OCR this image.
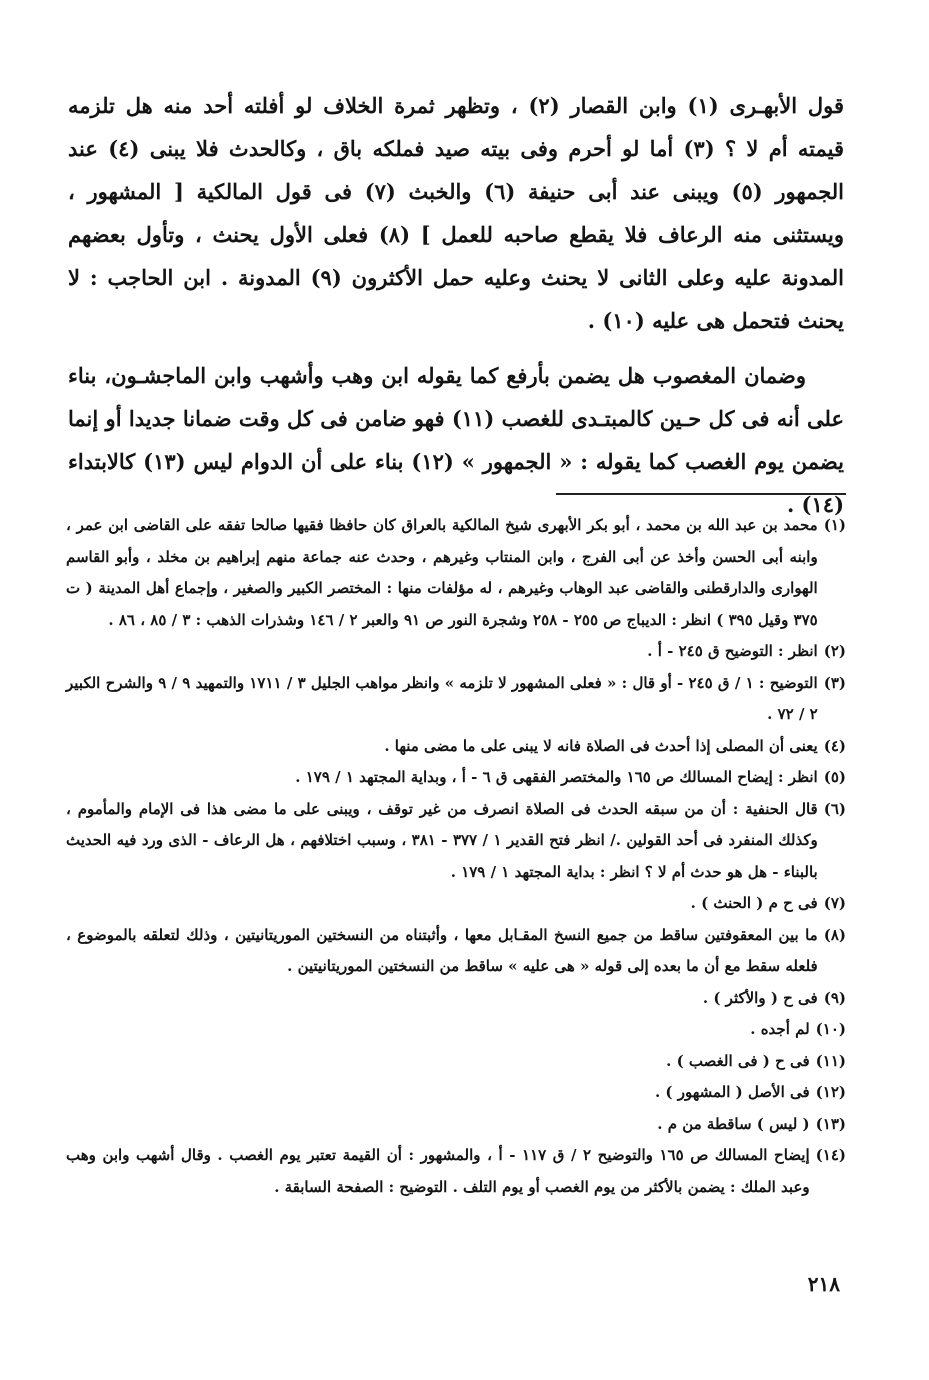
قول الأبهـرى (١) وابن القصار (٢) ، وتظهر ثمرة الخلاف لو أفلته أحد منه هل تلزمه قيمته أم لا ؟ (٣) أما لو أحرم وفى بيته صيد فملكه باق ، وكالحدث فلا يبنى (٤) عند الجمهور (٥) ويبنى عند أبى حنيفة (٦) والخبث (٧) فى قول المالكية [ المشهور ، ويستثنى منه الرعاف فلا يقطع صاحبه للعمل ] (٨) فعلى الأول يحنث ، وتأول بعضهم المدونة عليه وعلى الثانى لا يحنث وعليه حمل الأكثرون (٩) المدونة . ابن الحاجب : لا يحنث فتحمل هى عليه (١٠) .

وضمان المغصوب هل يضمن بأرفع كما يقوله ابن وهب وأشهب وابن الماجشـون، بناء على أنه فى كل حـين كالمبتـدى للغصب (١١) فهو ضامن فى كل وقت ضمانا جديدا أو إنما يضمن يوم الغصب كما يقوله : « الجمهور » (١٢) بناء على أن الدوام ليس (١٣) كالابتداء (١٤) .

(١)
محمد بن عبد الله بن محمد ، أبو بكر الأبهرى شيخ المالكية بالعراق كان حافظا فقيها صالحا تفقه على القاضى ابن عمر ، وابنه أبى الحسن وأخذ عن أبى الفرج ، وابن المنتاب وغيرهم ، وحدث عنه جماعة منهم إبراهيم بن مخلد ، وأبو القاسم الهوارى والدارقطنى والقاضى عبد الوهاب وغيرهم ، له مؤلفات منها : المختصر الكبير والصغير ، وإجماع أهل المدينة ( ت ٣٧٥ وقيل ٣٩٥ ) انظر : الديباج ص ٢٥٥ - ٢٥٨ وشجرة النور ص ٩١ والعبر ٢ / ١٤٦ وشذرات الذهب : ٣ / ٨٥ ، ٨٦ .
(٢)
انظر : التوضيح ق ٢٤٥ - أ .
(٣)
التوضيح : ١ / ق ٢٤٥ - أو قال : « فعلى المشهور لا تلزمه » وانظر مواهب الجليل ٣ / ١٧١١ والتمهيد ٩ / ٩ والشرح الكبير ٢ / ٧٢ .
(٤)
يعنى أن المصلى إذا أحدث فى الصلاة فانه لا يبنى على ما مضى منها .
(٥)
انظر : إيضاح المسالك ص ١٦٥ والمختصر الفقهى ق ٦ - أ ، وبداية المجتهد ١ / ١٧٩ .
(٦)
قال الحنفية : أن من سبقه الحدث فى الصلاة انصرف من غير توقف ، ويبنى على ما مضى هذا فى الإمام والمأموم ، وكذلك المنفرد فى أحد القولين ./ انظر فتح القدير ١ / ٣٧٧ - ٣٨١ ، وسبب اختلافهم ، هل الرعاف - الذى ورد فيه الحديث بالبناء - هل هو حدث أم لا ؟ انظر : بداية المجتهد ١ / ١٧٩ .
(٧)
فى ح م ( الحنث ) .
(٨)
ما بين المعقوفتين ساقط من جميع النسخ المقـابل معها ، وأثبتناه من النسختين الموريتانيتين ، وذلك لتعلقه بالموضوع ، فلعله سقط مع أن ما بعده إلى قوله « هى عليه » ساقط من النسختين الموريتانيتين .
(٩)
فى ح ( والأكثر ) .
(١٠)
لم أجده .
(١١)
فى ح ( فى الغصب ) .
(١٢)
فى الأصل ( المشهور ) .
(١٣)
( ليس ) ساقطة من م .
(١٤)
إيضاح المسالك ص ١٦٥ والتوضيح ٢ / ق ١١٧ - أ ، والمشهور : أن القيمة تعتبر يوم الغصب . وقال أشهب وابن وهب وعبد الملك : يضمن بالأكثر من يوم الغصب أو يوم التلف . التوضيح : الصفحة السابقة .
٢١٨
